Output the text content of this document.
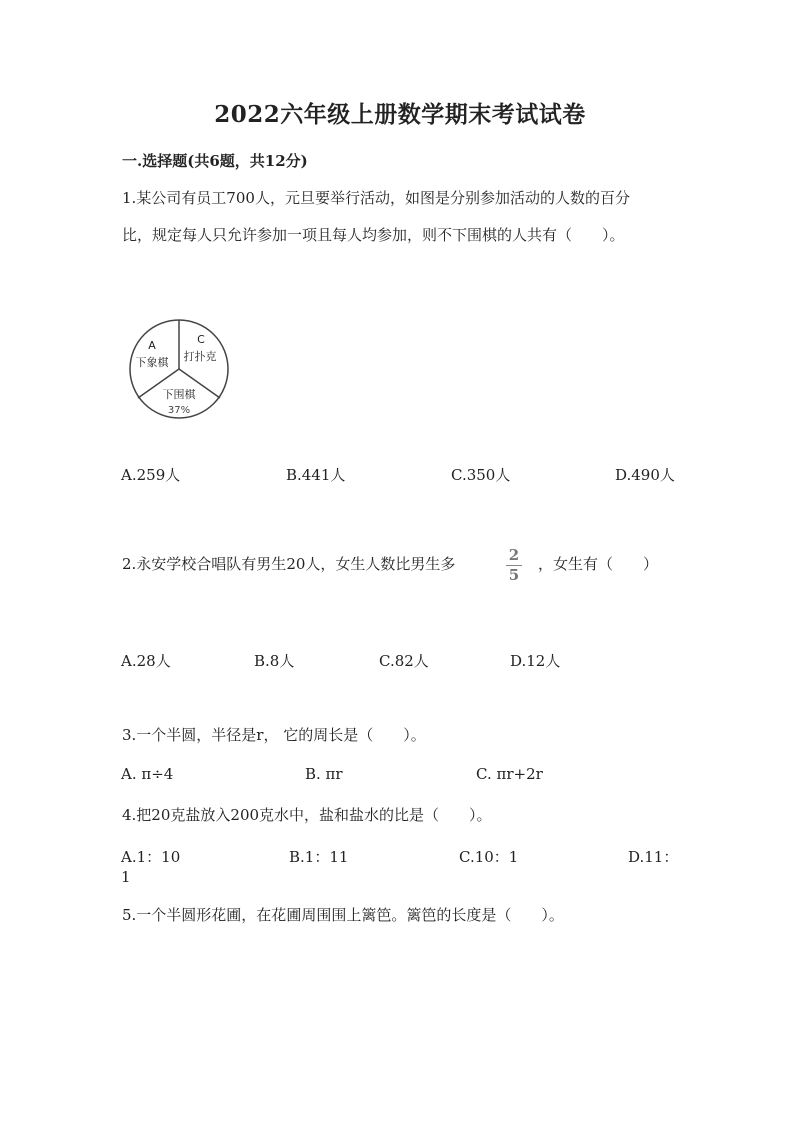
2022六年级上册数学期末考试试卷
一.选择题(共6题，共12分)
1.某公司有员工700人，元旦要举行活动，如图是分别参加活动的人数的百分
比，规定每人只允许参加一项且每人均参加，则不下围棋的人共有（　　）。
A
下象棋
C
打扑克
下围棋
37%
A.259人	B.441人	C.350人	D.490人
2.永安学校合唱队有男生20人，女生人数比男生多	2
5
，女生有（　　）
A.28人	B.8人	C.82人	D.12人
3.一个半圆，半径是r， 它的周长是（　　）。
A. π÷4	B. πr	C. πr+2r
4.把20克盐放入200克水中，盐和盐水的比是（　　）。
A.1：10	B.1：11	C.10：1	D.11：
1
5.一个半圆形花圃，在花圃周围围上篱笆。篱笆的长度是（　　）。
